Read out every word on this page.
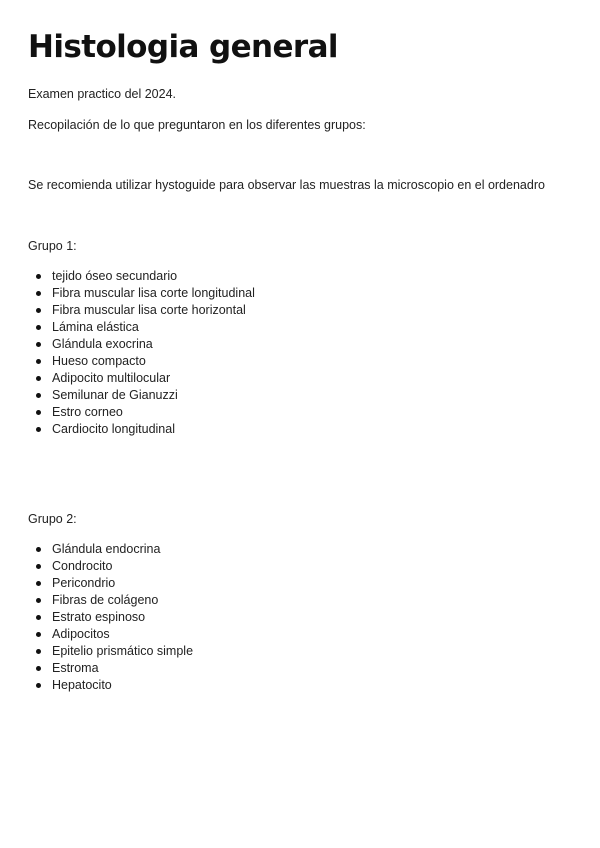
Histologia general

Examen practico del 2024.

Recopilación de lo que preguntaron en los diferentes grupos:

Se recomienda utilizar hystoguide para observar las muestras la microscopio en el ordenadro

Grupo 1:

tejido óseo secundario
Fibra muscular lisa corte longitudinal
Fibra muscular lisa corte horizontal
Lámina elástica
Glándula exocrina
Hueso compacto
Adipocito multilocular
Semilunar de Gianuzzi
Estro corneo
Cardiocito longitudinal

Grupo 2:

Glándula endocrina
Condrocito
Pericondrio
Fibras de colágeno
Estrato espinoso
Adipocitos
Epitelio prismático simple
Estroma
Hepatocito
